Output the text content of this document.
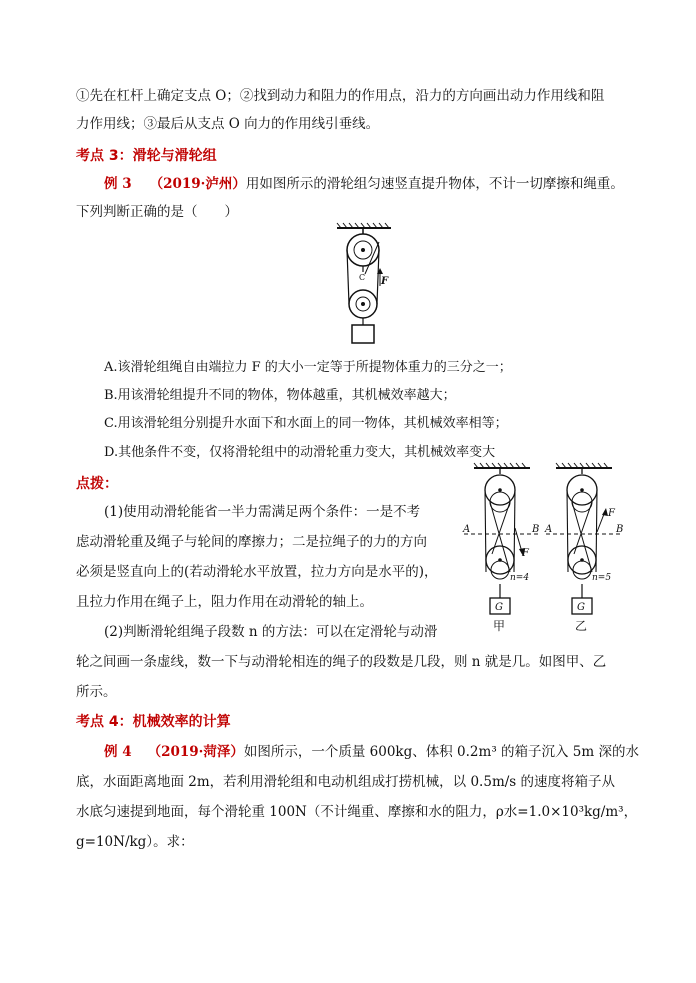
①先在杠杆上确定支点 O；②找到动力和阻力的作用点，沿力的方向画出动力作用线和阻
力作用线；③最后从支点 O 向力的作用线引垂线。
考点 3：滑轮与滑轮组
例 3 （2019·泸州）用如图所示的滑轮组匀速竖直提升物体，不计一切摩擦和绳重。
下列判断正确的是（　　）
C F
A.该滑轮组绳自由端拉力 F 的大小一定等于所提物体重力的三分之一；
B.用该滑轮组提升不同的物体，物体越重，其机械效率越大；
C.用该滑轮组分别提升水面下和水面上的同一物体，其机械效率相等；
D.其他条件不变，仅将滑轮组中的动滑轮重力变大，其机械效率变大
点拨：
(1)使用动滑轮能省一半力需满足两个条件：一是不考
虑动滑轮重及绳子与轮间的摩擦力；二是拉绳子的力的方向
必须是竖直向上的(若动滑轮水平放置，拉力方向是水平的)，
且拉力作用在绳子上，阻力作用在动滑轮的轴上。
(2)判断滑轮组绳子段数 n 的方法：可以在定滑轮与动滑
轮之间画一条虚线，数一下与动滑轮相连的绳子的段数是几段，则 n 就是几。如图甲、乙
所示。
A	B
F
n=4
G
甲
A	B
F
n=5
G
乙
考点 4：机械效率的计算
例 4 （2019·菏泽）如图所示，一个质量 600kg、体积 0.2m³ 的箱子沉入 5m 深的水
底，水面距离地面 2m，若利用滑轮组和电动机组成打捞机械，以 0.5m/s 的速度将箱子从
水底匀速提到地面，每个滑轮重 100N（不计绳重、摩擦和水的阻力，ρ水=1.0×10³kg/m³，
g=10N/kg）。求：
